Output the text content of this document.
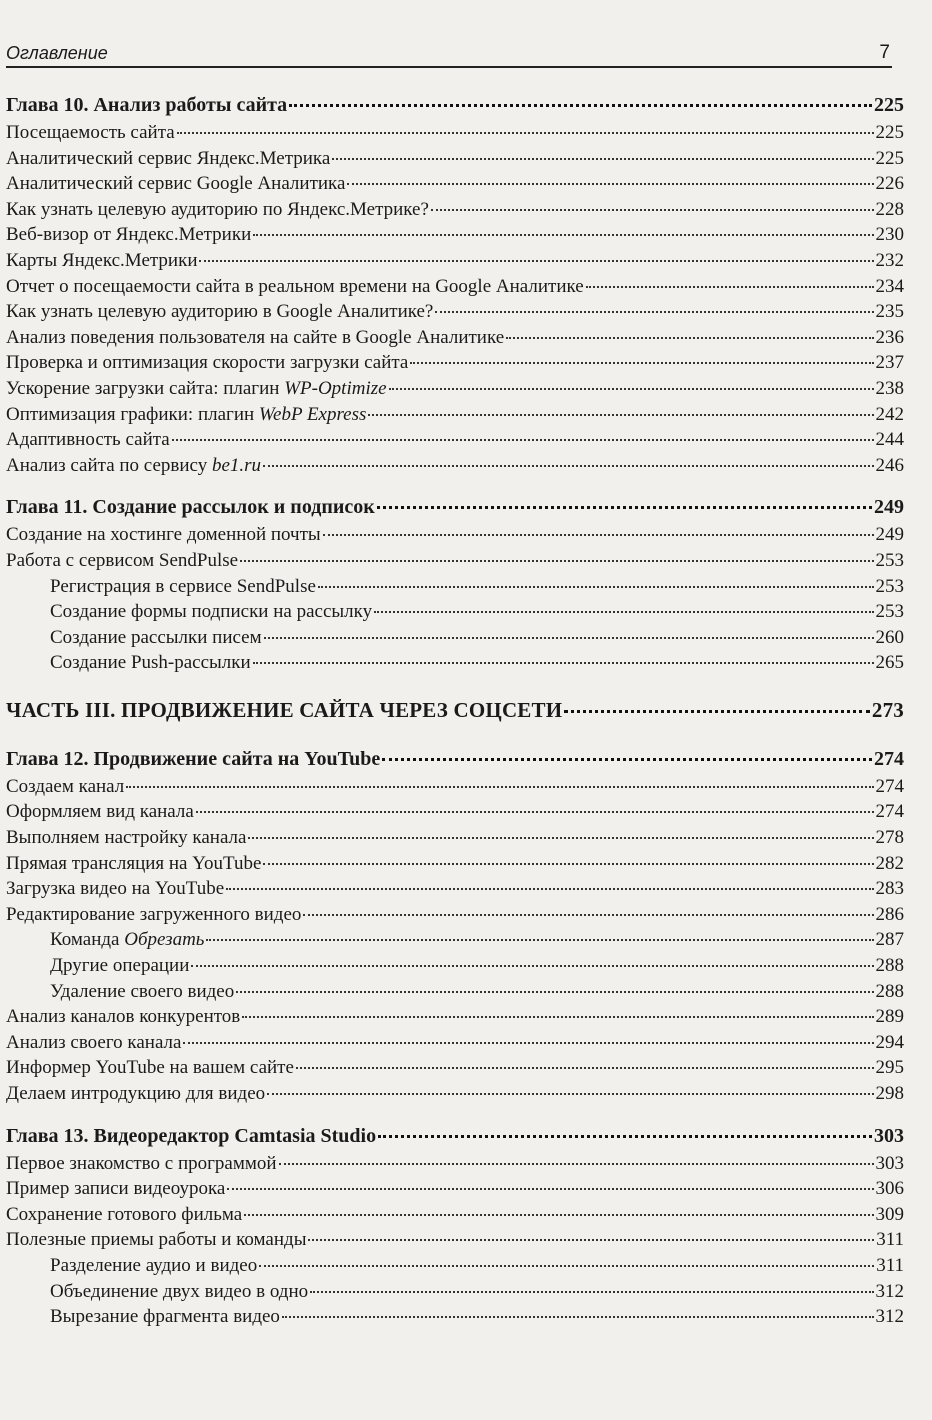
Оглавление	7
Глава 10. Анализ работы сайта	225
Посещаемость сайта	225
Аналитический сервис Яндекс.Метрика	225
Аналитический сервис Google Аналитика	226
Как узнать целевую аудиторию по Яндекс.Метрике?	228
Веб-визор от Яндекс.Метрики	230
Карты Яндекс.Метрики	232
Отчет о посещаемости сайта в реальном времени на Google Аналитике	234
Как узнать целевую аудиторию в Google Аналитике?	235
Анализ поведения пользователя на сайте в Google Аналитике	236
Проверка и оптимизация скорости загрузки сайта	237
Ускорение загрузки сайта: плагин WP-Optimize	238
Оптимизация графики: плагин WebP Express	242
Адаптивность сайта	244
Анализ сайта по сервису be1.ru	246
Глава 11. Создание рассылок и подписок	249
Создание на хостинге доменной почты	249
Работа с сервисом SendPulse	253
Регистрация в сервисе SendPulse	253
Создание формы подписки на рассылку	253
Создание рассылки писем	260
Создание Push-рассылки	265
ЧАСТЬ III. ПРОДВИЖЕНИЕ САЙТА ЧЕРЕЗ СОЦСЕТИ	273
Глава 12. Продвижение сайта на YouTube	274
Создаем канал	274
Оформляем вид канала	274
Выполняем настройку канала	278
Прямая трансляция на YouTube	282
Загрузка видео на YouTube	283
Редактирование загруженного видео	286
Команда Обрезать	287
Другие операции	288
Удаление своего видео	288
Анализ каналов конкурентов	289
Анализ своего канала	294
Информер YouTube на вашем сайте	295
Делаем интродукцию для видео	298
Глава 13. Видеоредактор Camtasia Studio	303
Первое знакомство с программой	303
Пример записи видеоурока	306
Сохранение готового фильма	309
Полезные приемы работы и команды	311
Разделение аудио и видео	311
Объединение двух видео в одно	312
Вырезание фрагмента видео	312
